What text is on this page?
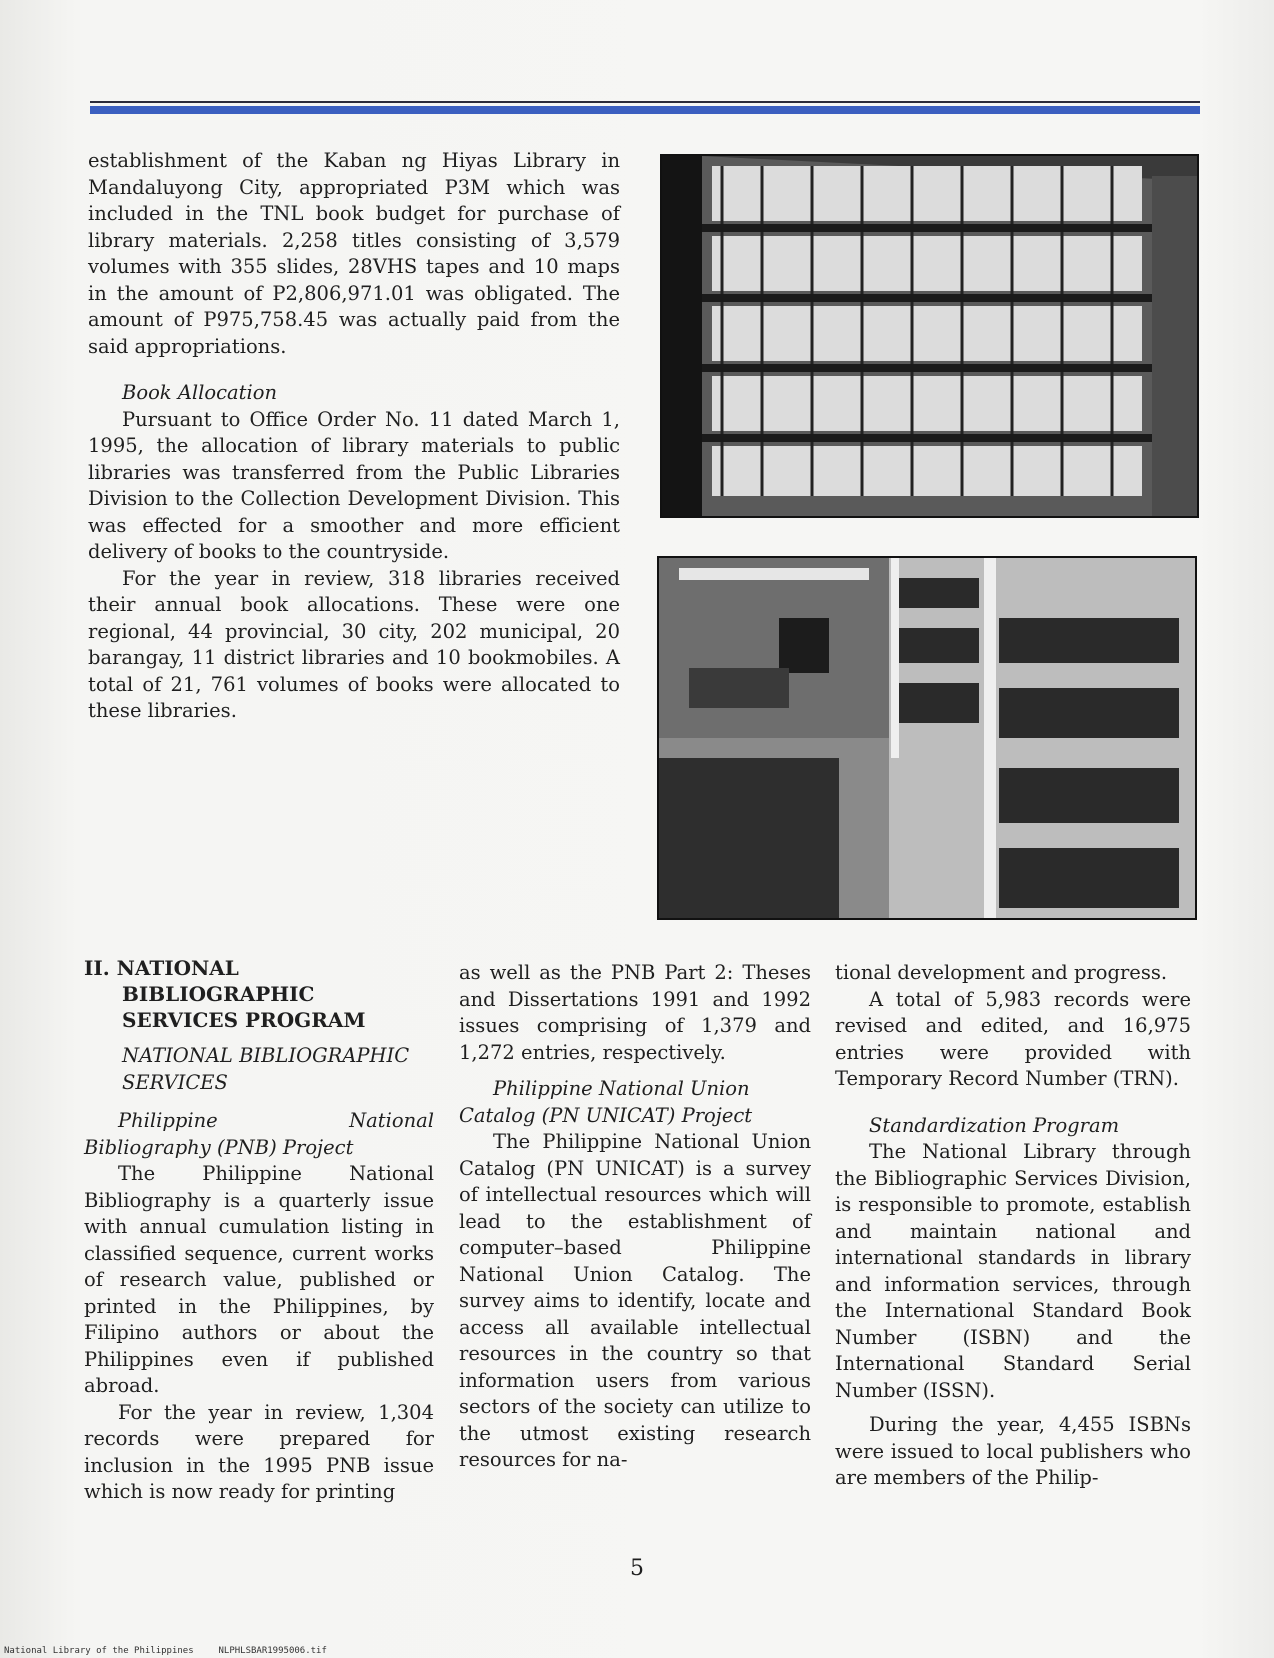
establishment of the Kaban ng Hiyas Library in Mandaluyong City, appropriated P3M which was included in the TNL book budget for purchase of library materials. 2,258 titles consisting of 3,579 volumes with 355 slides, 28VHS tapes and 10 maps in the amount of P2,806,971.01 was obligated. The amount of P975,758.45 was actually paid from the said appropriations.

Book Allocation

Pursuant to Office Order No. 11 dated March 1, 1995, the allocation of library materials to public libraries was transferred from the Public Libraries Division to the Collection Development Division. This was effected for a smoother and more efficient delivery of books to the countryside.

For the year in review, 318 libraries received their annual book allocations. These were one regional, 44 provincial, 30 city, 202 municipal, 20 barangay, 11 district libraries and 10 bookmobiles. A total of 21, 761 volumes of books were allocated to these libraries.

II. NATIONAL BIBLIOGRAPHIC SERVICES PROGRAM

NATIONAL BIBLIOGRAPHIC SERVICES

Philippine National Bibliography (PNB) Project

The Philippine National Bibliography is a quarterly issue with annual cumulation listing in classified sequence, current works of research value, published or printed in the Philippines, by Filipino authors or about the Philippines even if published abroad.

For the year in review, 1,304 records were prepared for inclusion in the 1995 PNB issue which is now ready for printing

as well as the PNB Part 2: Theses and Dissertations 1991 and 1992 issues comprising of 1,379 and 1,272 entries, respectively.

Philippine National Union Catalog (PN UNICAT) Project

The Philippine National Union Catalog (PN UNICAT) is a survey of intellectual resources which will lead to the establishment of computer–based Philippine National Union Catalog. The survey aims to identify, locate and access all available intellectual resources in the country so that information users from various sectors of the society can utilize to the utmost existing research resources for na-

tional development and progress.

A total of 5,983 records were revised and edited, and 16,975 entries were provided with Temporary Record Number (TRN).

Standardization Program

The National Library through the Bibliographic Services Division, is responsible to promote, establish and maintain national and international standards in library and information services, through the International Standard Book Number (ISBN) and the International Standard Serial Number (ISSN).

During the year, 4,455 ISBNs were issued to local publishers who are members of the Philip-

5
National Library of the Philippines	NLPHLSBAR1995006.tif
